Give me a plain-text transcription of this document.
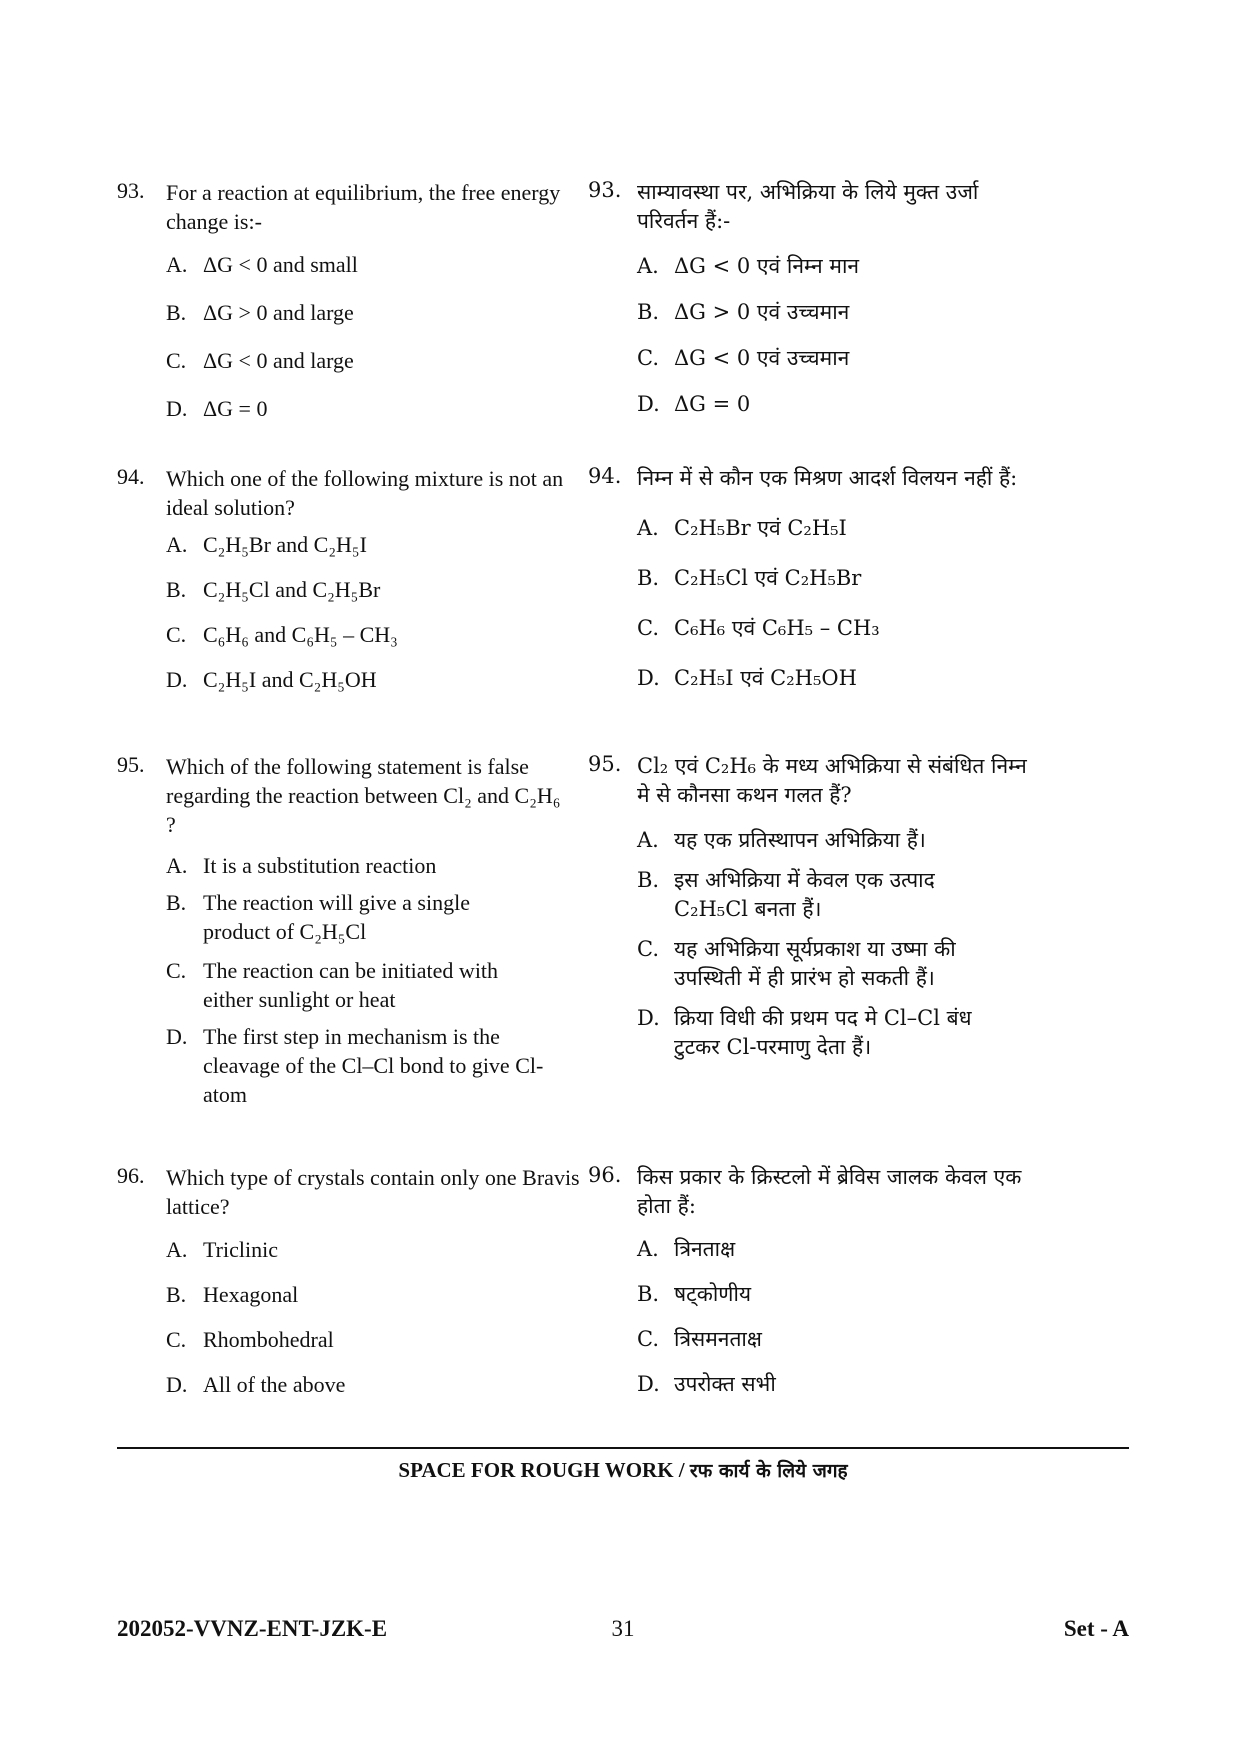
93. For a reaction at equilibrium, the free energy change is:-
A. ΔG < 0 and small
B. ΔG > 0 and large
C. ΔG < 0 and large
D. ΔG = 0
94. Which one of the following mixture is not an ideal solution?
A. C₂H₅Br and C₂H₅I
B. C₂H₅Cl and C₂H₅Br
C. C₆H₆ and C₆H₅ – CH₃
D. C₂H₅I and C₂H₅OH
95. Which of the following statement is false regarding the reaction between Cl₂ and C₂H₆ ?
A. It is a substitution reaction
B. The reaction will give a single product of C₂H₅Cl
C. The reaction can be initiated with either sunlight or heat
D. The first step in mechanism is the cleavage of the Cl–Cl bond to give Cl-atom
96. Which type of crystals contain only one Bravis lattice?
A. Triclinic
B. Hexagonal
C. Rhombohedral
D. All of the above
93. साम्यावस्था पर, अभिक्रिया के लिये मुक्त उर्जा परिवर्तन हैं:-
A. ΔG < 0 एवं निम्न मान
B. ΔG > 0 एवं उच्चमान
C. ΔG < 0 एवं उच्चमान
D. ΔG = 0
94. निम्न में से कौन एक मिश्रण आदर्श विलयन नहीं हैं:
A. C₂H₅Br एवं C₂H₅I
B. C₂H₅Cl एवं C₂H₅Br
C. C₆H₆ एवं C₆H₅ – CH₃
D. C₂H₅I एवं C₂H₅OH
95. Cl₂ एवं C₂H₆ के मध्य अभिक्रिया से संबंधित निम्न मे से कौनसा कथन गलत हैं?
A. यह एक प्रतिस्थापन अभिक्रिया हैं।
B. इस अभिक्रिया में केवल एक उत्पाद C₂H₅Cl बनता हैं।
C. यह अभिक्रिया सूर्यप्रकाश या उष्मा की उपस्थिती में ही प्रारंभ हो सकती हैं।
D. क्रिया विधी की प्रथम पद मे Cl–Cl बंध टुटकर Cl-परमाणु देता हैं।
96. किस प्रकार के क्रिस्टलो में ब्रेविस जालक केवल एक होता हैं:
A. त्रिनताक्ष
B. षट्कोणीय
C. त्रिसमनताक्ष
D. उपरोक्त सभी
SPACE FOR ROUGH WORK / रफ कार्य के लिये जगह
202052-VVNZ-ENT-JZK-E	31	Set - A
